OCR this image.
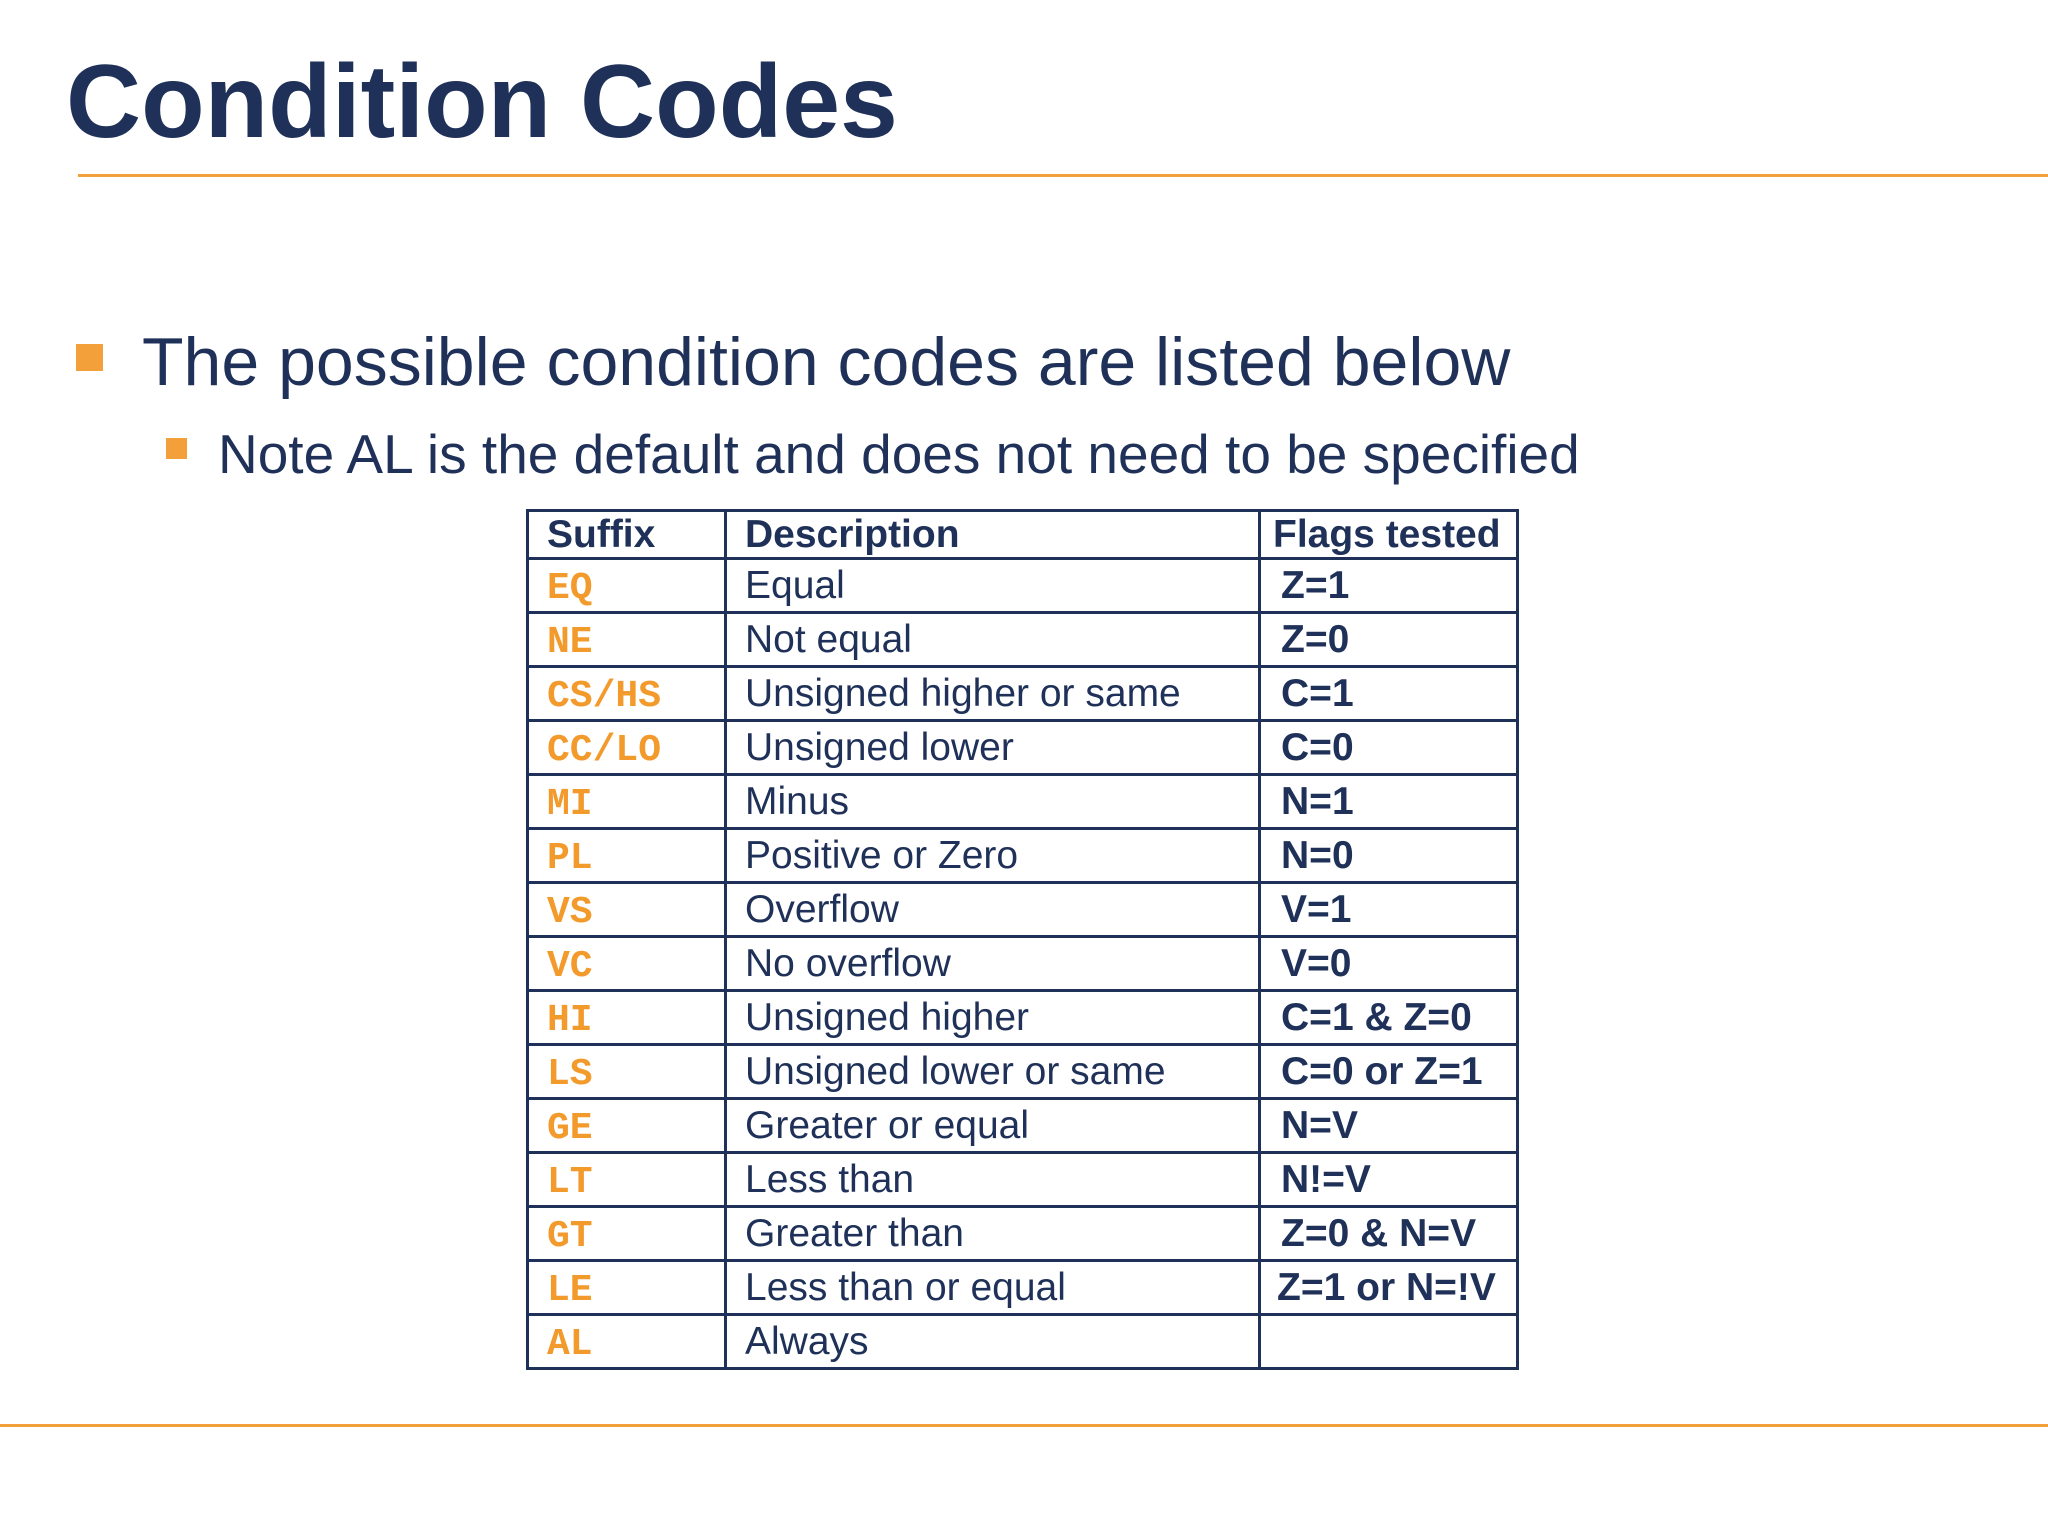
Condition Codes
The possible condition codes are listed below
Note AL is the default and does not need to be specified
Suffix	Description	Flags tested
EQ	Equal	Z=1
NE	Not equal	Z=0
CS/HS	Unsigned higher or same	C=1
CC/LO	Unsigned lower	C=0
MI	Minus	N=1
PL	Positive or Zero	N=0
VS	Overflow	V=1
VC	No overflow	V=0
HI	Unsigned higher	C=1 & Z=0
LS	Unsigned lower or same	C=0 or Z=1
GE	Greater or equal	N=V
LT	Less than	N!=V
GT	Greater than	Z=0 & N=V
LE	Less than or equal	Z=1 or N=!V
AL	Always	
